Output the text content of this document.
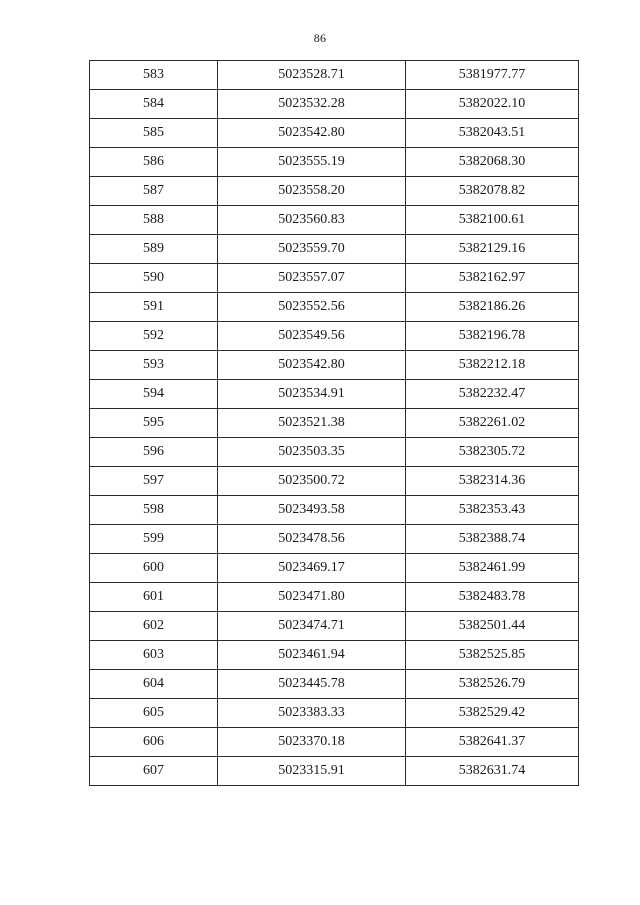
86
583	5023528.71	5381977.77
584	5023532.28	5382022.10
585	5023542.80	5382043.51
586	5023555.19	5382068.30
587	5023558.20	5382078.82
588	5023560.83	5382100.61
589	5023559.70	5382129.16
590	5023557.07	5382162.97
591	5023552.56	5382186.26
592	5023549.56	5382196.78
593	5023542.80	5382212.18
594	5023534.91	5382232.47
595	5023521.38	5382261.02
596	5023503.35	5382305.72
597	5023500.72	5382314.36
598	5023493.58	5382353.43
599	5023478.56	5382388.74
600	5023469.17	5382461.99
601	5023471.80	5382483.78
602	5023474.71	5382501.44
603	5023461.94	5382525.85
604	5023445.78	5382526.79
605	5023383.33	5382529.42
606	5023370.18	5382641.37
607	5023315.91	5382631.74
